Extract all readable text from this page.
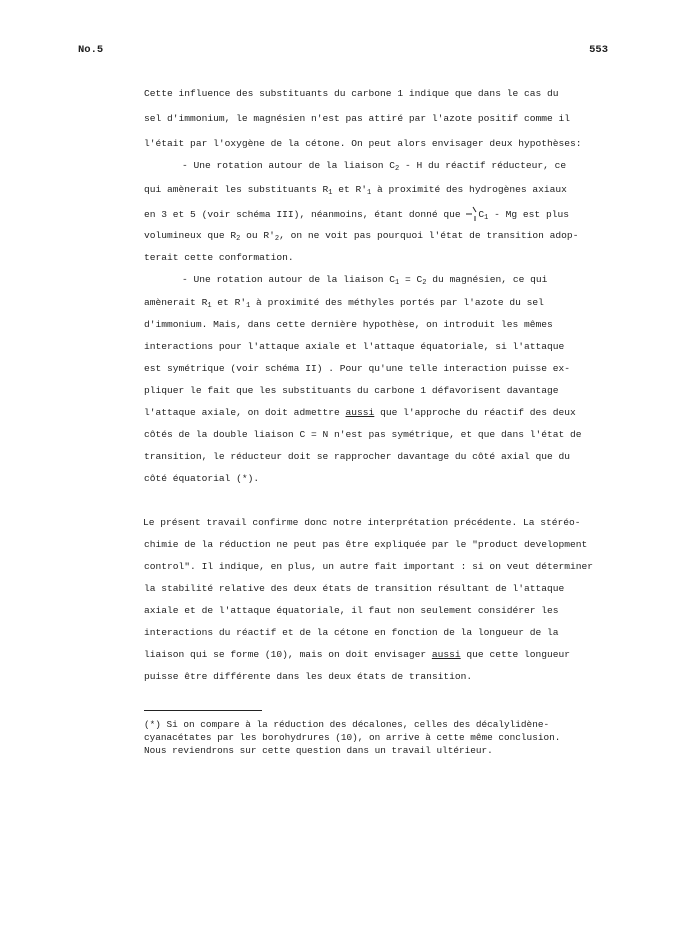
No.5	553
Cette influence des substituants du carbone 1 indique que dans le cas du
sel d'immonium, le magnésien n'est pas attiré par l'azote positif comme il
l'était par l'oxygène de la cétone. On peut alors envisager deux hypothèses:
- Une rotation autour de la liaison $C_2$ - H du réactif réducteur, ce
qui amènerait les substituants $R_1$ et $R'_1$ à proximité des hydrogènes axiaux
en 3 et 5 (voir schéma III), néanmoins, étant donné que $C_1$ - Mg est plus
volumineux que $R_2$ ou $R'_2$, on ne voit pas pourquoi l'état de transition adop-
terait cette conformation.
- Une rotation autour de la liaison $C_1 = C_2$ du magnésien, ce qui
amènerait $R_1$ et $R'_1$ à proximité des méthyles portés par l'azote du sel
d'immonium. Mais, dans cette dernière hypothèse, on introduit les mêmes
interactions pour l'attaque axiale et l'attaque équatoriale, si l'attaque
est symétrique (voir schéma II) . Pour qu'une telle interaction puisse ex-
pliquer le fait que les substituants du carbone 1 défavorisent davantage
l'attaque axiale, on doit admettre aussi que l'approche du réactif des deux
côtés de la double liaison C = N n'est pas symétrique, et que dans l'état de
transition, le réducteur doit se rapprocher davantage du côté axial que du
côté équatorial (*).
Le présent travail confirme donc notre interprétation précédente. La stéréo-
chimie de la réduction ne peut pas être expliquée par le "product development
control". Il indique, en plus, un autre fait important : si on veut déterminer
la stabilité relative des deux états de transition résultant de l'attaque
axiale et de l'attaque équatoriale, il faut non seulement considérer les
interactions du réactif et de la cétone en fonction de la longueur de la
liaison qui se forme (10), mais on doit envisager aussi que cette longueur
puisse être différente dans les deux états de transition.
(*) Si on compare à la réduction des décalones, celles des décalylidène-
cyanacétates par les borohydrures (10), on arrive à cette même conclusion.
Nous reviendrons sur cette question dans un travail ultérieur.
